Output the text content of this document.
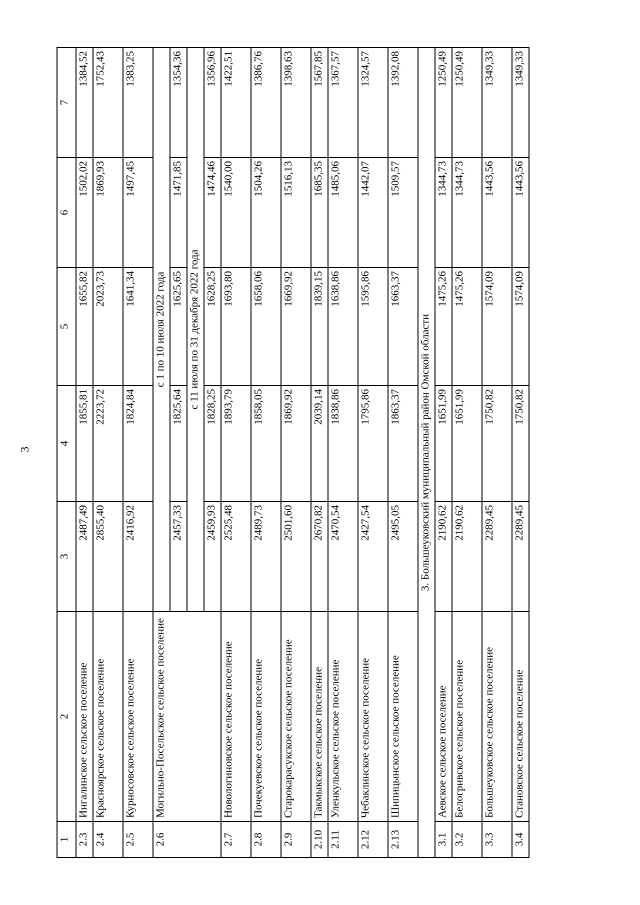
3
1	2	3	4	5	6	7
2.3	Ингалинское сельское поселение	2487,49	1855,81	1655,82	1502,02	1384,52
2.4	Красноярское сельское поселение	2855,40	2223,72	2023,73	1869,93	1752,43
2.5	Курносовское сельское поселение	2416,92	1824,84	1641,34	1497,45	1383,25
2.6	Могильно-Посельское сельское поселение	с 1 по 10 июля 2022 года				
		2457,33	1825,64	1625,65	1471,85	1354,36
		с 11 июля по 31 декабря 2022 года				
		2459,93	1828,25	1628,25	1474,46	1356,96
2.7	Новологиновское сельское поселение	2525,48	1893,79	1693,80	1540,00	1422,51
2.8	Почекуевское сельское поселение	2489,73	1858,05	1658,06	1504,26	1386,76
2.9	Старокарасукское сельское поселение	2501,60	1869,92	1669,92	1516,13	1398,63
2.10	Такмыкское сельское поселение	2670,82	2039,14	1839,15	1685,35	1567,85
2.11	Уленкульское сельское поселение	2470,54	1838,86	1638,86	1485,06	1367,57
2.12	Чебаклинское сельское поселение	2427,54	1795,86	1595,86	1442,07	1324,57
2.13	Шипицынское сельское поселение	2495,05	1863,37	1663,37	1509,57	1392,08
3. Большеуковский муниципальный район Омской области						
3.1	Аевское сельское поселение	2190,62	1651,99	1475,26	1344,73	1250,49
3.2	Белогривское сельское поселение	2190,62	1651,99	1475,26	1344,73	1250,49
3.3	Большеуковское сельское поселение	2289,45	1750,82	1574,09	1443,56	1349,33
3.4	Становское сельское поселение	2289,45	1750,82	1574,09	1443,56	1349,33
